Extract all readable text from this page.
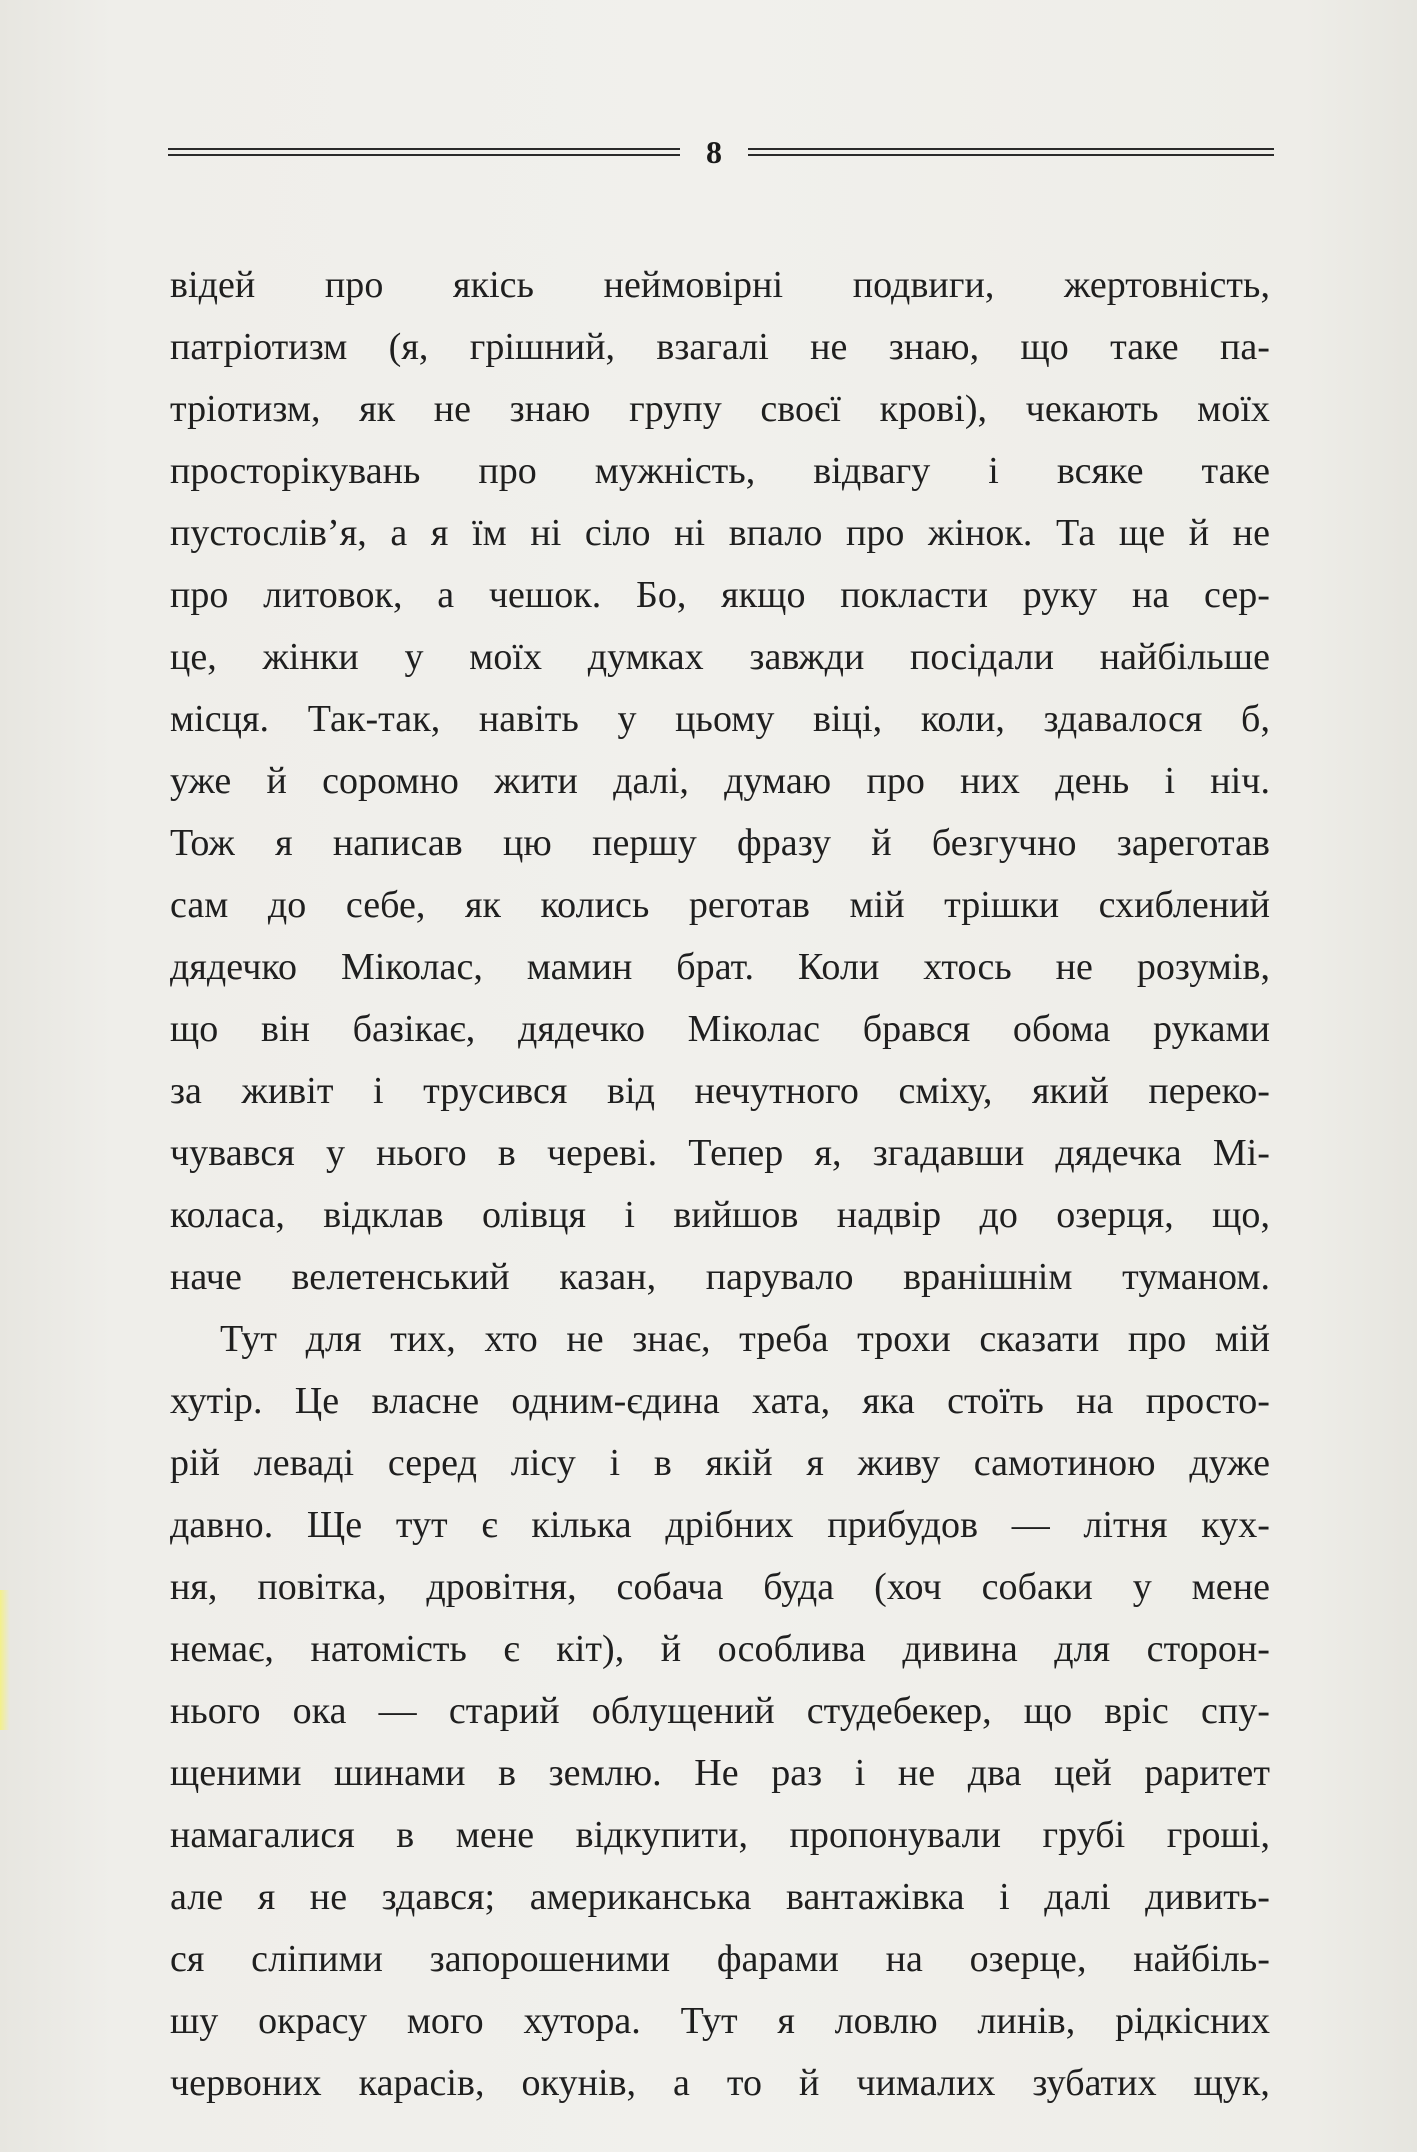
8
відей про якісь неймовірні подвиги, жертовність,
патріотизм (я, грішний, взагалі не знаю, що таке па-
тріотизм, як не знаю групу своєї крові), чекають моїх
просторікувань про мужність, відвагу і всяке таке
пустослів’я, а я їм ні сіло ні впало про жінок. Та ще й не
про литовок, а чешок. Бо, якщо покласти руку на сер-
це, жінки у моїх думках завжди посідали найбільше
місця. Так-так, навіть у цьому віці, коли, здавалося б,
уже й соромно жити далі, думаю про них день і ніч.
Тож я написав цю першу фразу й безгучно зареготав
сам до себе, як колись реготав мій трішки схиблений
дядечко Міколас, мамин брат. Коли хтось не розумів,
що він базікає, дядечко Міколас брався обома руками
за живіт і трусився від нечутного сміху, який переко-
чувався у нього в череві. Тепер я, згадавши дядечка Мі-
коласа, відклав олівця і вийшов надвір до озерця, що,
наче велетенський казан, парувало вранішнім туманом.
Тут для тих, хто не знає, треба трохи сказати про мій
хутір. Це власне одним-єдина хата, яка стоїть на просто-
рій леваді серед лісу і в якій я живу самотиною дуже
давно. Ще тут є кілька дрібних прибудов — літня кух-
ня, повітка, дровітня, собача буда (хоч собаки у мене
немає, натомість є кіт), й особлива дивина для сторон-
нього ока — старий облущений студебекер, що вріс спу-
щеними шинами в землю. Не раз і не два цей раритет
намагалися в мене відкупити, пропонували грубі гроші,
але я не здався; американська вантажівка і далі дивить-
ся сліпими запорошеними фарами на озерце, найбіль-
шу окрасу мого хутора. Тут я ловлю линів, рідкісних
червоних карасів, окунів, а то й чималих зубатих щук,
